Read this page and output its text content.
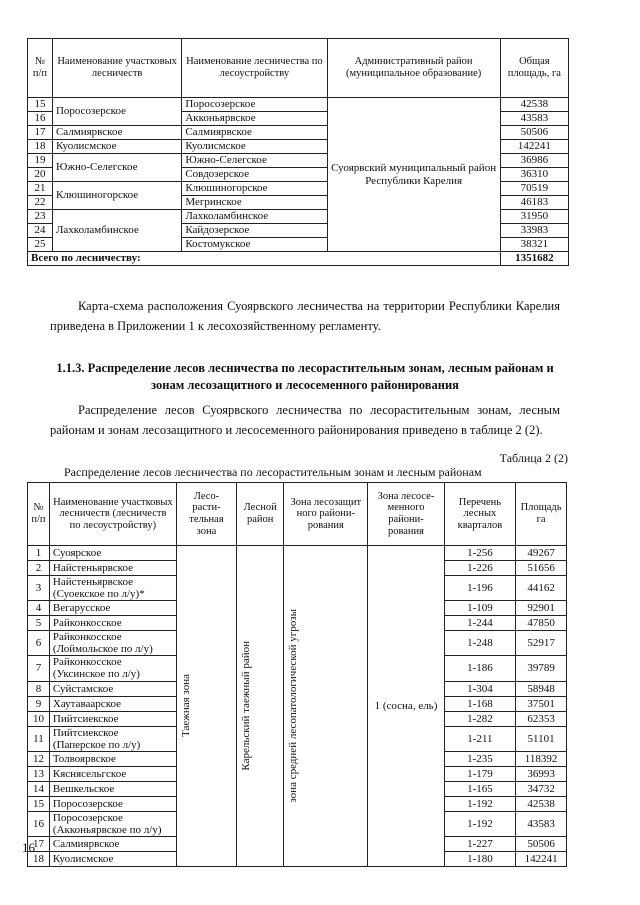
№ п/п	Наименование участковых лесничеств	Наименование лесничества по лесоустройству	Административный район (муниципальное образование)	Общая площадь, га
15	Поросозерское	Поросозерское	Суоярвский муниципальный район Республики Карелия	42538
16		Акконьярвское		43583
17	Салмиярвское	Салмиярвское		50506
18	Куолисмское	Куолисмское		142241
19	Южно-Селегское	Южно-Селегское		36986
20		Совдозерское		36310
21	Клюшиногорское	Клюшиногорское		70519
22		Мегринское		46183
23	Лахколамбинское	Лахколамбинское		31950
24		Кайдозерское		33983
25		Костомукское		38321
Всего по лесничеству:				1351682
Карта-схема расположения Суоярвского лесничества на территории Республики Карелия приведена в Приложении 1 к лесохозяйственному регламенту.
1.1.3. Распределение лесов лесничества по лесорастительным зонам, лесным районам и зонам лесозащитного и лесосеменного районирования
Распределение лесов Суоярвского лесничества по лесорастительным зонам, лесным районам и зонам лесозащитного и лесосеменного районирования приведено в таблице 2 (2).
Таблица 2 (2)
Распределение лесов лесничества по лесорастительным зонам и лесным районам
№ п/п	Наименование участковых лесничеств (лесничеств по лесоустройству)	Лесо-расти-тельная зона	Лесной район	Зона лесозащит ного райони-рования	Зона лесосе-менного райони-рования	Перечень лесных кварталов	Площадь га
1	Суоярское	Таежная зона	Карельский таежный район	зона средней лесопатологической угрозы	1 (сосна, ель)	1-256	49267
2	Найстеньярвское					1-226	51656
3	Найстеньярвское (Суоекское по л/у)*					1-196	44162
4	Вегарусское					1-109	92901
5	Райконкосское					1-244	47850
6	Райконкосское (Лоймольское по л/у)					1-248	52917
7	Райконкосское (Уксинское по л/у)					1-186	39789
8	Суйстамское					1-304	58948
9	Хаутаваарское					1-168	37501
10	Пийтсиекское					1-282	62353
11	Пийтсиекское (Паперское по л/у)					1-211	51101
12	Толвоярвское					1-235	118392
13	Кяснясельгское					1-179	36993
14	Вешкельское					1-165	34732
15	Поросозерское					1-192	42538
16	Поросозерское (Акконьярвское по л/у)					1-192	43583
17	Салмиярвское					1-227	50506
18	Куолисмское					1-180	142241
16
